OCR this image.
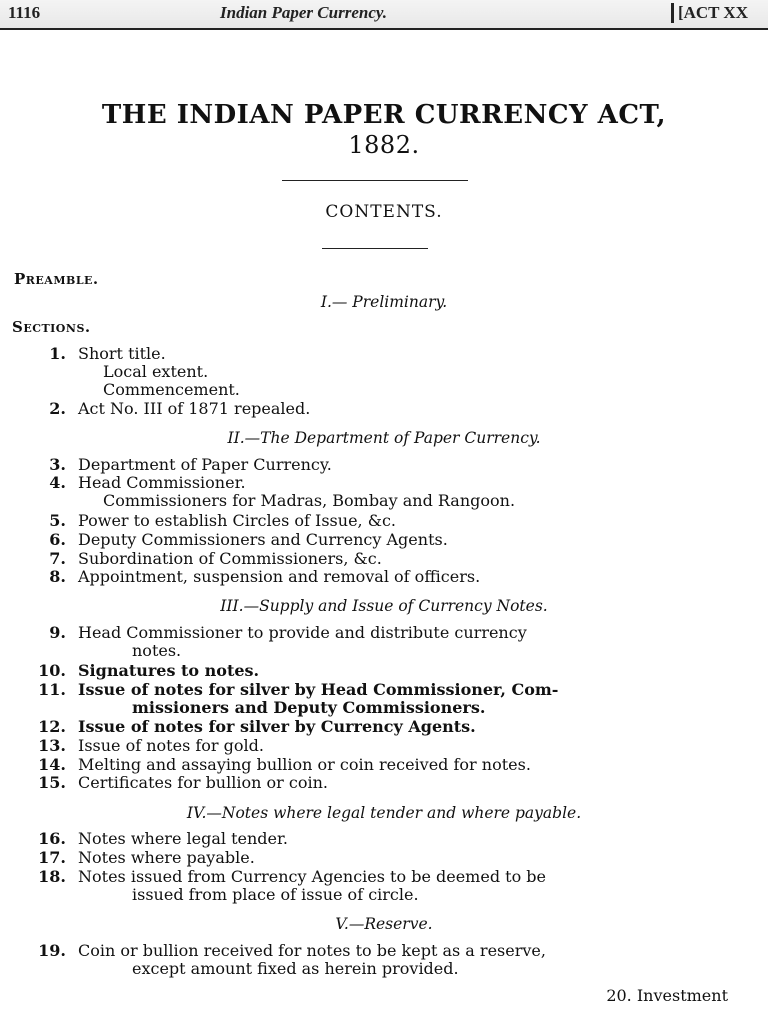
1116	Indian Paper Currency.	[ACT XX
THE INDIAN PAPER CURRENCY ACT,
1882.
CONTENTS.
Preamble.
I.— Preliminary.
Sections.
1. Short title.
Local extent.
Commencement.
2. Act No. III of 1871 repealed.
II.—The Department of Paper Currency.
3. Department of Paper Currency.
4. Head Commissioner.
Commissioners for Madras, Bombay and Rangoon.
5. Power to establish Circles of Issue, &c.
6. Deputy Commissioners and Currency Agents.
7. Subordination of Commissioners, &c.
8. Appointment, suspension and removal of officers.
III.—Supply and Issue of Currency Notes.
9. Head Commissioner to provide and distribute currency
notes.
10. Signatures to notes.
11. Issue of notes for silver by Head Commissioner, Com-
missioners and Deputy Commissioners.
12. Issue of notes for silver by Currency Agents.
13. Issue of notes for gold.
14. Melting and assaying bullion or coin received for notes.
15. Certificates for bullion or coin.
IV.—Notes where legal tender and where payable.
16. Notes where legal tender.
17. Notes where payable.
18. Notes issued from Currency Agencies to be deemed to be
issued from place of issue of circle.
V.—Reserve.
19. Coin or bullion received for notes to be kept as a reserve,
except amount fixed as herein provided.
20. Investment
